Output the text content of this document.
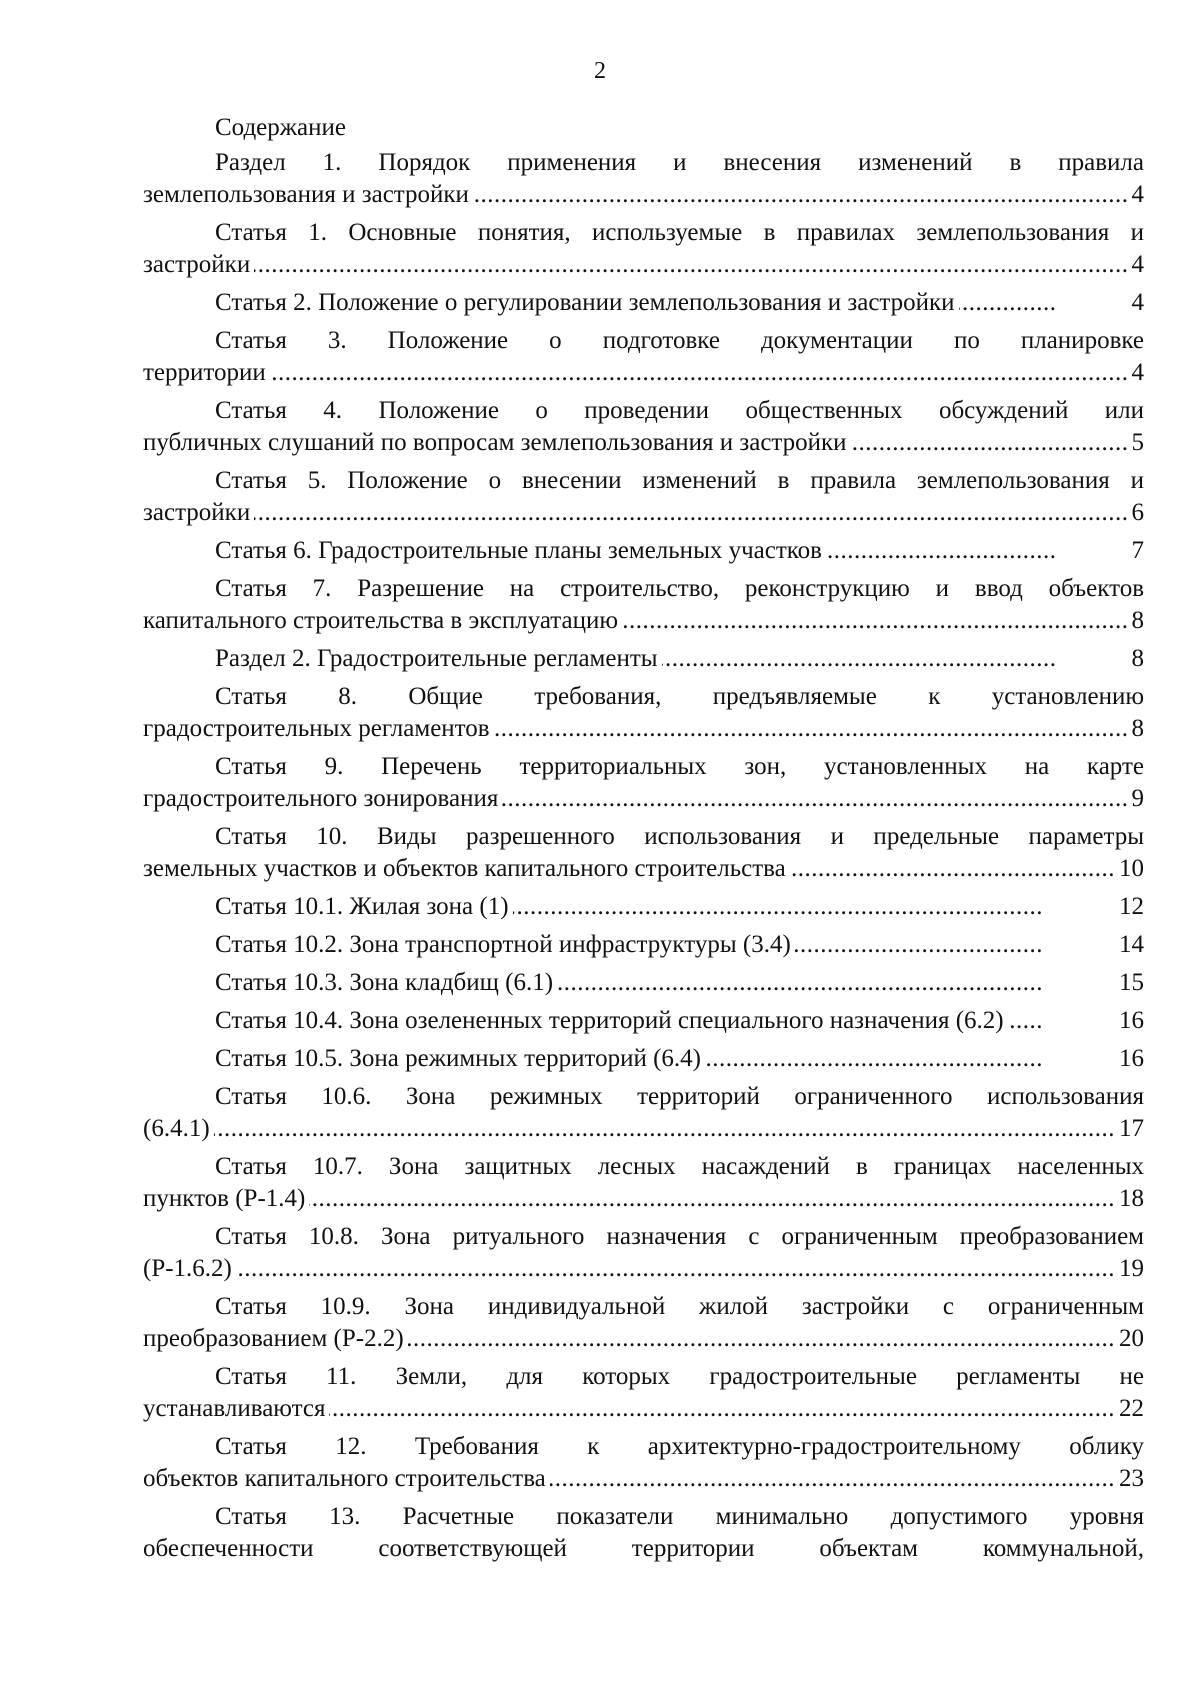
2
Содержание
Раздел 1. Порядок применения и внесения изменений в правила
4
землепользования и застройки .....
Статья 1. Основные понятия, используемые в правилах землепользования и
4
застройки .....
4
Статья 2. Положение о регулировании землепользования и застройки .....
Статья 3. Положение о подготовке документации по планировке
4
территории .....
Статья 4. Положение о проведении общественных обсуждений или
5
публичных слушаний по вопросам землепользования и застройки .....
Статья 5. Положение о внесении изменений в правила землепользования и
6
застройки .....
7
Статья 6. Градостроительные планы земельных участков .....
Статья 7. Разрешение на строительство, реконструкцию и ввод объектов
8
капитального строительства в эксплуатацию .....
8
Раздел 2. Градостроительные регламенты .....
Статья 8. Общие требования, предъявляемые к установлению
8
градостроительных регламентов .....
Статья 9. Перечень территориальных зон, установленных на карте
9
градостроительного зонирования .....
Статья 10. Виды разрешенного использования и предельные параметры
10
земельных участков и объектов капитального строительства .....
12
Статья 10.1. Жилая зона (1) .....
14
Статья 10.2. Зона транспортной инфраструктуры (3.4) .....
15
Статья 10.3. Зона кладбищ (6.1) .....
16
Статья 10.4. Зона озелененных территорий специального назначения (6.2) .....
16
Статья 10.5. Зона режимных территорий (6.4) .....
Статья 10.6. Зона режимных территорий ограниченного использования
17
(6.4.1) .....
Статья 10.7. Зона защитных лесных насаждений в границах населенных
18
пунктов (Р-1.4) .....
Статья 10.8. Зона ритуального назначения с ограниченным преобразованием
19
(Р-1.6.2) .....
Статья 10.9. Зона индивидуальной жилой застройки с ограниченным
20
преобразованием (Р-2.2) .....
Статья 11. Земли, для которых градостроительные регламенты не
22
устанавливаются .....
Статья 12. Требования к архитектурно-градостроительному облику
23
объектов капитального строительства .....
Статья 13. Расчетные показатели минимально допустимого уровня
обеспеченности соответствующей территории объектам коммунальной,
